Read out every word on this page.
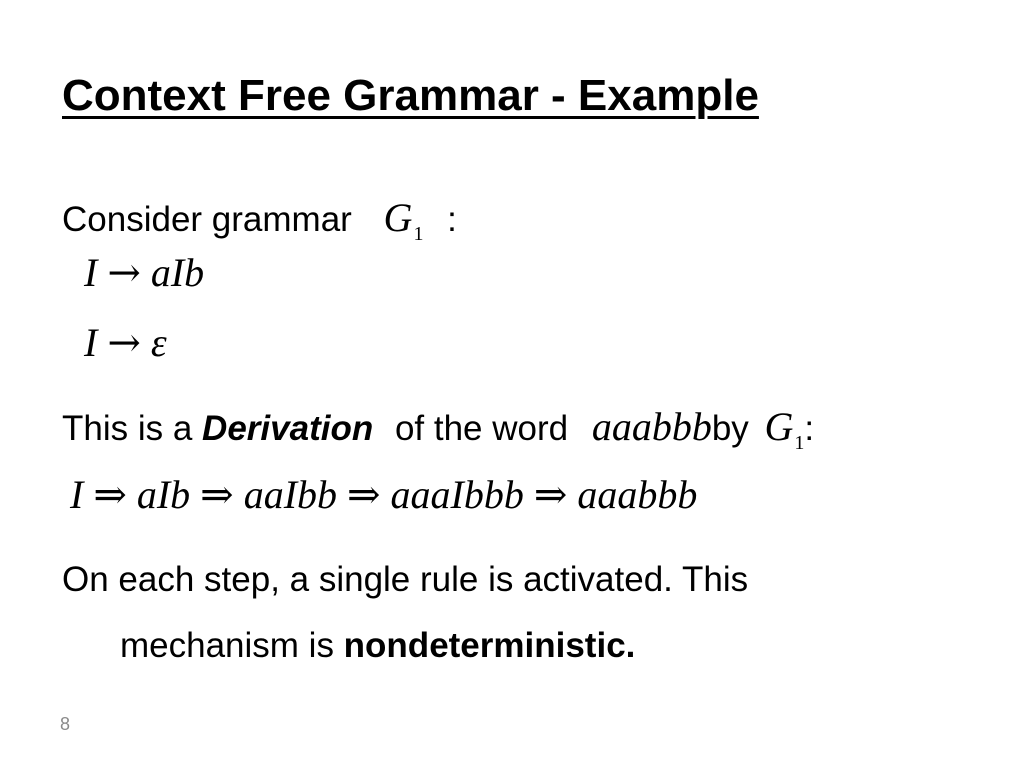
Context Free Grammar - Example
Consider grammar $G_1$ :
I → aIb
I → ε
This is a Derivation of the word aaabbbby $G_1$:
I ⇒ aIb ⇒ aaIbb ⇒ aaaIbbb ⇒ aaabbb
On each step, a single rule is activated. This
mechanism is nondeterministic.
8
